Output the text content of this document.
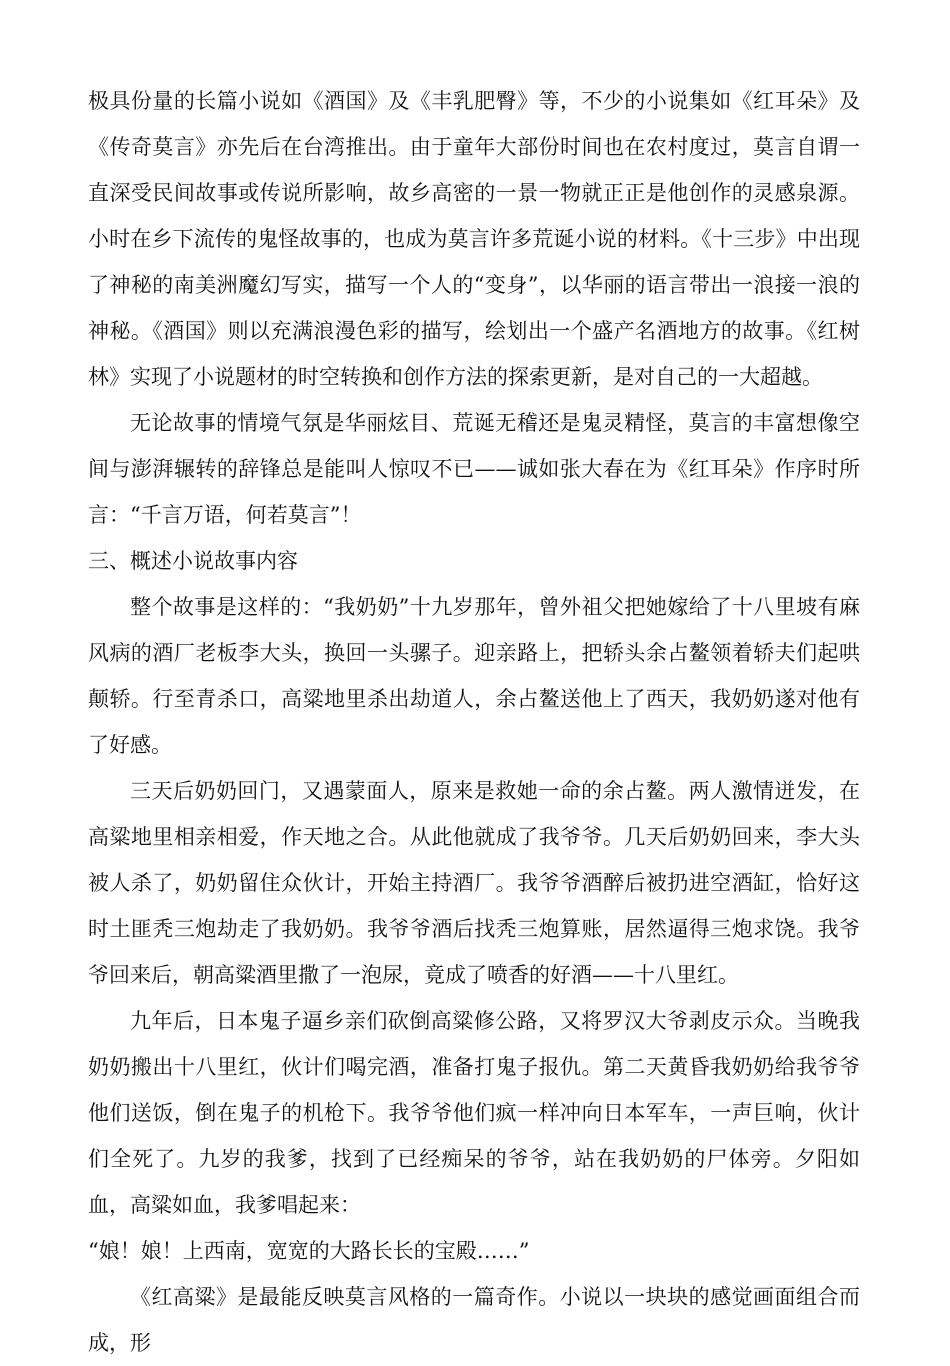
极具份量的长篇小说如《酒国》及《丰乳肥臀》等，不少的小说集如《红耳朵》及《传奇莫言》亦先后在台湾推出。由于童年大部份时间也在农村度过，莫言自谓一直深受民间故事或传说所影响，故乡高密的一景一物就正正是他创作的灵感泉源。小时在乡下流传的鬼怪故事的，也成为莫言许多荒诞小说的材料。《十三步》中出现了神秘的南美洲魔幻写实，描写一个人的“变身”，以华丽的语言带出一浪接一浪的神秘。《酒国》则以充满浪漫色彩的描写，绘划出一个盛产名酒地方的故事。《红树林》实现了小说题材的时空转换和创作方法的探索更新，是对自己的一大超越。

无论故事的情境气氛是华丽炫目、荒诞无稽还是鬼灵精怪，莫言的丰富想像空间与澎湃辗转的辞锋总是能叫人惊叹不已——诚如张大春在为《红耳朵》作序时所言：“千言万语，何若莫言”！

三、概述小说故事内容

整个故事是这样的：“我奶奶”十九岁那年，曾外祖父把她嫁给了十八里坡有麻风病的酒厂老板李大头，换回一头骡子。迎亲路上，把轿头余占鳌领着轿夫们起哄颠轿。行至青杀口，高粱地里杀出劫道人，余占鳌送他上了西天，我奶奶遂对他有了好感。

三天后奶奶回门，又遇蒙面人，原来是救她一命的余占鳌。两人激情迸发，在高粱地里相亲相爱，作天地之合。从此他就成了我爷爷。几天后奶奶回来，李大头被人杀了，奶奶留住众伙计，开始主持酒厂。我爷爷酒醉后被扔进空酒缸，恰好这时土匪秃三炮劫走了我奶奶。我爷爷酒后找秃三炮算账，居然逼得三炮求饶。我爷爷回来后，朝高粱酒里撒了一泡尿，竟成了喷香的好酒——十八里红。

九年后，日本鬼子逼乡亲们砍倒高粱修公路，又将罗汉大爷剥皮示众。当晚我奶奶搬出十八里红，伙计们喝完酒，准备打鬼子报仇。第二天黄昏我奶奶给我爷爷他们送饭，倒在鬼子的机枪下。我爷爷他们疯一样冲向日本军车，一声巨响，伙计们全死了。九岁的我爹，找到了已经痴呆的爷爷，站在我奶奶的尸体旁。夕阳如血，高粱如血，我爹唱起来：

“娘！娘！上西南，宽宽的大路长长的宝殿……”

《红高粱》是最能反映莫言风格的一篇奇作。小说以一块块的感觉画面组合而成，形
